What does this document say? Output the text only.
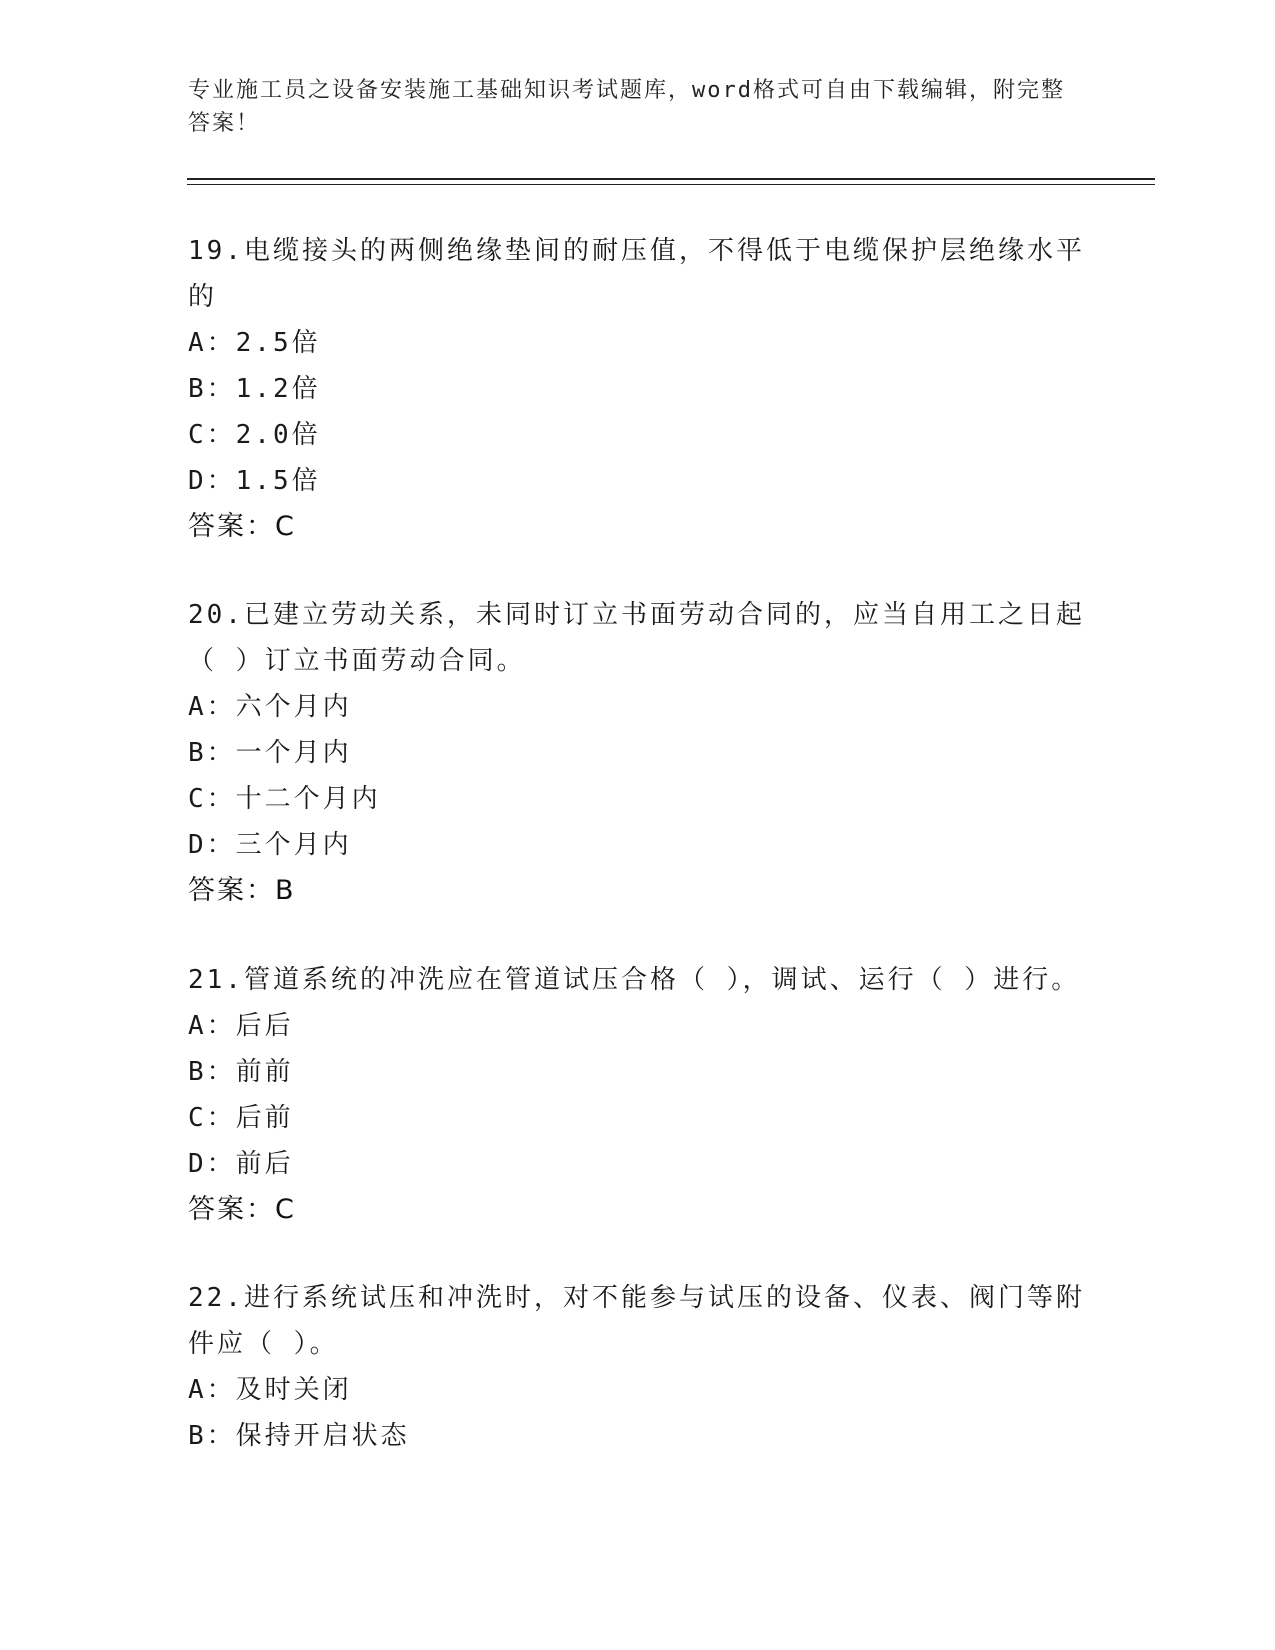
专业施工员之设备安装施工基础知识考试题库，word格式可自由下载编辑，附完整答案！

19.电缆接头的两侧绝缘垫间的耐压值，不得低于电缆保护层绝缘水平的

A：2.5倍

B：1.2倍

C：2.0倍

D：1.5倍

答案：C

20.已建立劳动关系，未同时订立书面劳动合同的，应当自用工之日起（ ）订立书面劳动合同。

A：六个月内

B：一个月内

C：十二个月内

D：三个月内

答案：B

21.管道系统的冲洗应在管道试压合格（ ），调试、运行（ ）进行。

A：后后

B：前前

C：后前

D：前后

答案：C

22.进行系统试压和冲洗时，对不能参与试压的设备、仪表、阀门等附件应（ ）。

A：及时关闭

B：保持开启状态
